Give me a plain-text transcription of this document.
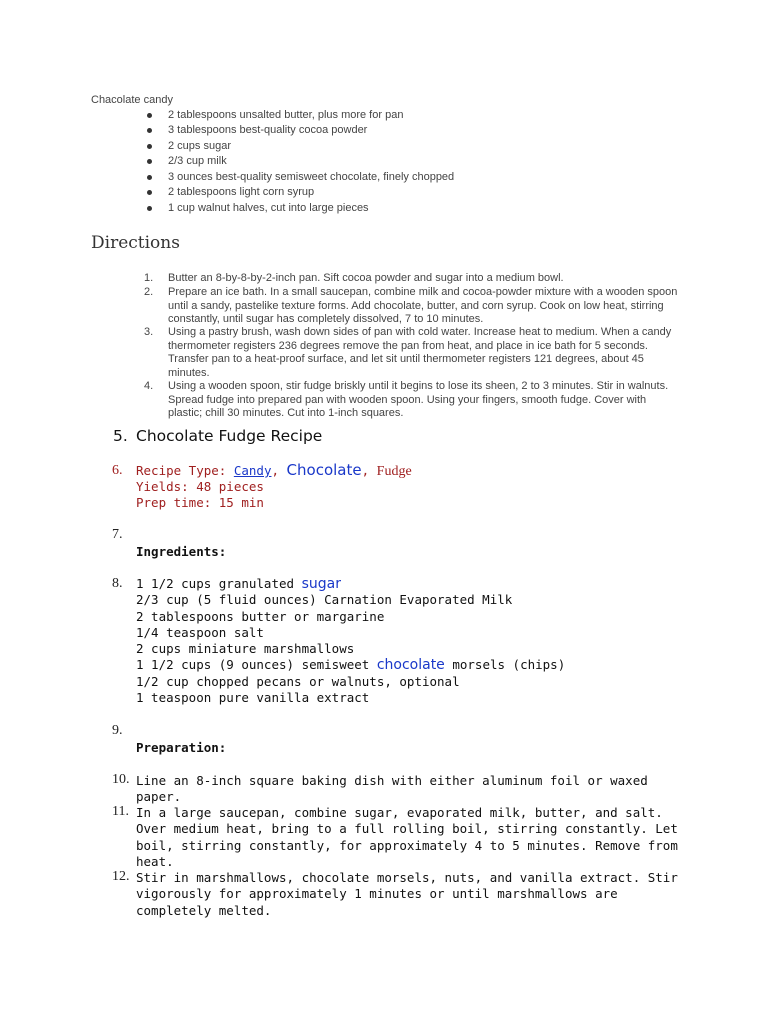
Chacolate candy
2 tablespoons unsalted butter, plus more for pan
3 tablespoons best-quality cocoa powder
2 cups sugar
2/3 cup milk
3 ounces best-quality semisweet chocolate, finely chopped
2 tablespoons light corn syrup
1 cup walnut halves, cut into large pieces
Directions
1. Butter an 8-by-8-by-2-inch pan. Sift cocoa powder and sugar into a medium bowl.
2. Prepare an ice bath. In a small saucepan, combine milk and cocoa-powder mixture with a wooden spoon until a sandy, pastelike texture forms. Add chocolate, butter, and corn syrup. Cook on low heat, stirring constantly, until sugar has completely dissolved, 7 to 10 minutes.
3. Using a pastry brush, wash down sides of pan with cold water. Increase heat to medium. When a candy thermometer registers 236 degrees remove the pan from heat, and place in ice bath for 5 seconds. Transfer pan to a heat-proof surface, and let sit until thermometer registers 121 degrees, about 45 minutes.
4. Using a wooden spoon, stir fudge briskly until it begins to lose its sheen, 2 to 3 minutes. Stir in walnuts. Spread fudge into prepared pan with wooden spoon. Using your fingers, smooth fudge. Cover with plastic; chill 30 minutes. Cut into 1-inch squares.
5. Chocolate Fudge Recipe
6. Recipe Type: Candy, Chocolate, Fudge
Yields: 48 pieces
Prep time: 15 min
7.
Ingredients:
8. 1 1/2 cups granulated sugar
2/3 cup (5 fluid ounces) Carnation Evaporated Milk
2 tablespoons butter or margarine
1/4 teaspoon salt
2 cups miniature marshmallows
1 1/2 cups (9 ounces) semisweet chocolate morsels (chips)
1/2 cup chopped pecans or walnuts, optional
1 teaspoon pure vanilla extract
9.
Preparation:
10. Line an 8-inch square baking dish with either aluminum foil or waxed paper.
11. In a large saucepan, combine sugar, evaporated milk, butter, and salt. Over medium heat, bring to a full rolling boil, stirring constantly. Let boil, stirring constantly, for approximately 4 to 5 minutes. Remove from heat.
12. Stir in marshmallows, chocolate morsels, nuts, and vanilla extract. Stir vigorously for approximately 1 minutes or until marshmallows are completely melted.
